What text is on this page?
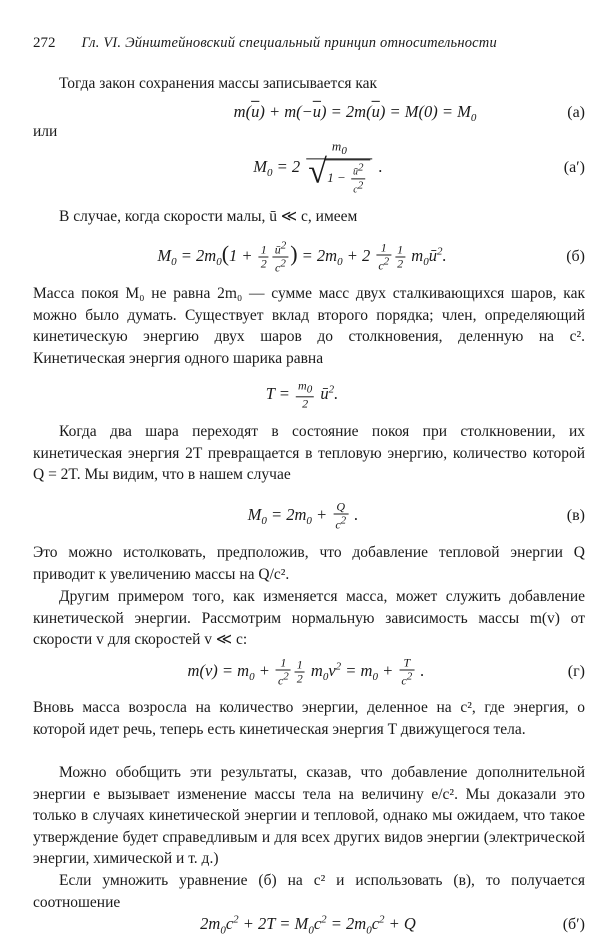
272 Гл. VI. Эйнштейновский специальный принцип относительности
Тогда закон сохранения массы записывается как
$m(\overline{u}) + m(-\overline{u}) = 2m(\overline{u}) = M(0) = M_0$	(а)
или
$M_0 = 2 \frac{m_0}{√ 1 - \frac{ū2}{c2}}$ .	(а′)
В случае, когда скорости малы, ū ≪ c, имеем
$M_0 = 2m_0(1 + \frac{1}{2} \frac{ū2}{c2}$ ) = $2m_0 + 2 \frac{1}{c2} \frac{1}{2}$ $m_0ū^2$.	(б)
Масса покоя M₀ не равна 2m₀ — сумме масс двух сталкивающихся шаров, как можно было думать. Существует вклад второго порядка; член, определяющий кинетическую энергию двух шаров до столкновения, деленную на c². Кинетическая энергия одного шарика равна
$T = \frac{m0}{2}$ $ū^2$.
Когда два шара переходят в состояние покоя при столкновении, их кинетическая энергия 2T превращается в тепловую энергию, количество которой Q = 2T. Мы видим, что в нашем случае
$M_0 = 2m_0 + \frac{Q}{c2}$ .	(в)
Это можно истолковать, предположив, что добавление тепловой энергии Q приводит к увеличению массы на Q/c².
Другим примером того, как изменяется масса, может служить добавление кинетической энергии. Рассмотрим нормальную зависимость массы m(v) от скорости v для скоростей v ≪ c:
$m(v) = m_0 + \frac{1}{c2} \frac{1}{2} m_0v^2 = m_0 + \frac{T}{c2}$ .	(г)
Вновь масса возросла на количество энергии, деленное на c², где энергия, о которой идет речь, теперь есть кинетическая энергия T движущегося тела.
Можно обобщить эти результаты, сказав, что добавление дополнительной энергии e вызывает изменение массы тела на величину e/c². Мы доказали это только в случаях кинетической энергии и тепловой, однако мы ожидаем, что такое утверждение будет справедливым и для всех других видов энергии (электрической энергии, химической и т. д.)
Если умножить уравнение (б) на c² и использовать (в), то получается соотношение
$2m_0c^2 + 2T = M_0c^2 = 2m_0c^2 + Q$	(б′)
